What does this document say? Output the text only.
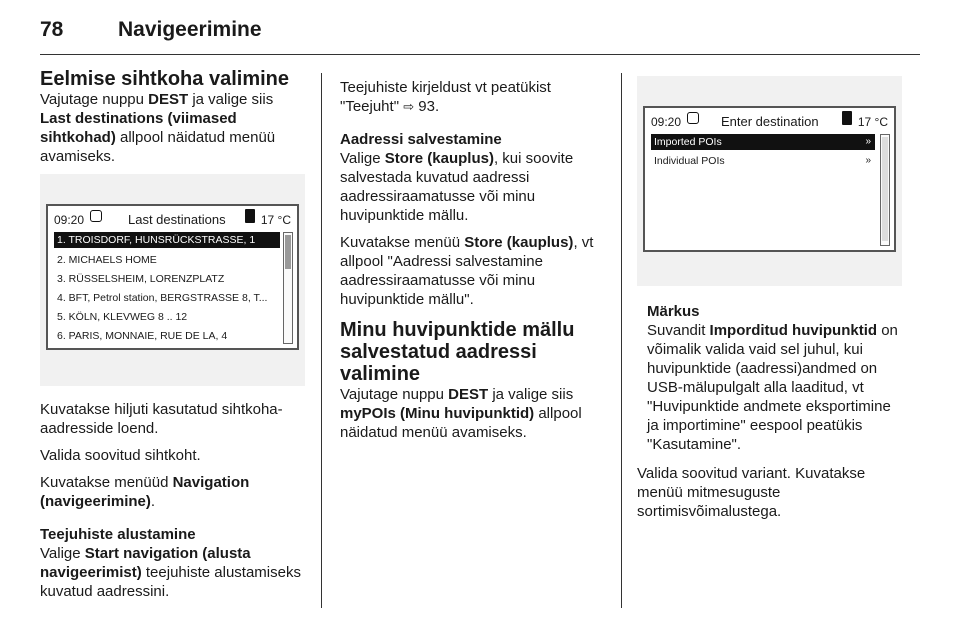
78	Navigeerimine
Eelmise sihtkoha valimine

Vajutage nuppu DEST ja valige siis Last destinations (viimased sihtkohad) allpool näidatud menüü avamiseks.

09:20	Last destinations	17 °C
1. TROISDORF, HUNSRÜCKSTRASSE, 1
2. MICHAELS HOME
3. RÜSSELSHEIM, LORENZPLATZ
4. BFT, Petrol station, BERGSTRASSE 8, T...
5. KÖLN, KLEVWEG 8 .. 12
6. PARIS, MONNAIE, RUE DE LA, 4

Kuvatakse hiljuti kasutatud sihtkoha-aadresside loend.

Valida soovitud sihtkoht.

Kuvatakse menüüd Navigation (navigeerimine).

Teejuhiste alustamine

Valige Start navigation (alusta navigeerimist) teejuhiste alustamiseks kuvatud aadressini.

Teejuhiste kirjeldust vt peatükist "Teejuht" ⇨ 93.

Aadressi salvestamine

Valige Store (kauplus), kui soovite salvestada kuvatud aadressi aadressiraamatusse või minu huvipunktide mällu.

Kuvatakse menüü Store (kauplus), vt allpool "Aadressi salvestamine aadressiraamatusse või minu huvipunktide mällu".

Minu huvipunktide mällu salvestatud aadressi valimine

Vajutage nuppu DEST ja valige siis myPOIs (Minu huvipunktid) allpool näidatud menüü avamiseks.

09:20	Enter destination	17 °C
Imported POIs	»
Individual POIs	»
Märkus
Suvandit Imporditud huvipunktid on võimalik valida vaid sel juhul, kui huvipunktide (aadressi)andmed on USB-mälupulgalt alla laaditud, vt "Huvipunktide andmete eksportimine ja importimine" eespool peatükis "Kasutamine".

Valida soovitud variant. Kuvatakse menüü mitmesuguste sortimisvõimalustega.
